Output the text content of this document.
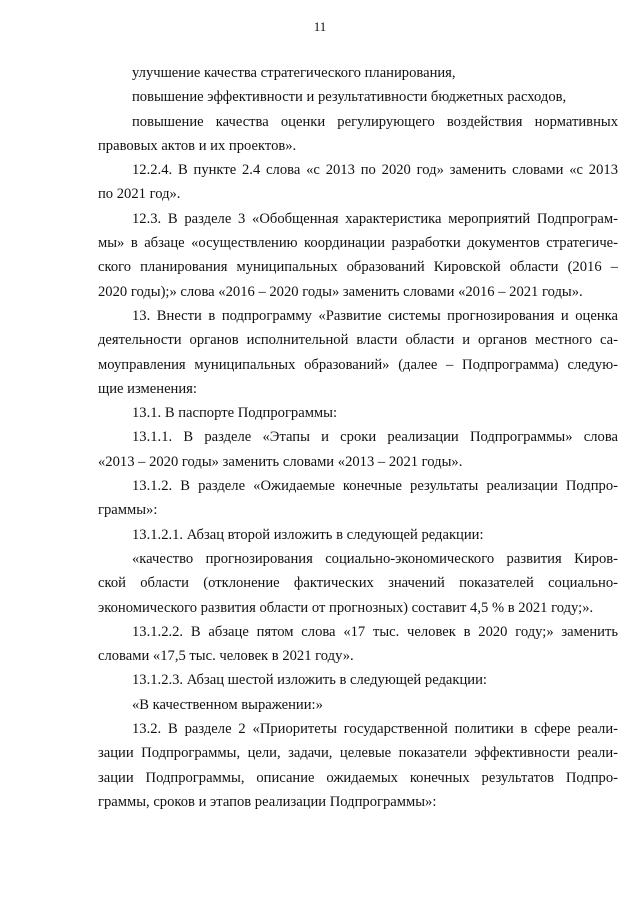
11
улучшение качества стратегического планирования,
повышение эффективности и результативности бюджетных расходов,
повышение качества оценки регулирующего воздействия нормативных
правовых актов и их проектов».
12.2.4. В пункте 2.4 слова «с 2013 по 2020 год» заменить словами «с 2013
по 2021 год».
12.3. В разделе 3 «Обобщенная характеристика мероприятий Подпрограм-
мы» в абзаце «осуществлению координации разработки документов стратегиче-
ского планирования муниципальных образований Кировской области (2016 –
2020 годы);» слова «2016 – 2020 годы» заменить словами «2016 – 2021 годы».
13. Внести в подпрограмму «Развитие системы прогнозирования и оценка
деятельности органов исполнительной власти области и органов местного са-
моуправления муниципальных образований» (далее – Подпрограмма) следую-
щие изменения:
13.1. В паспорте Подпрограммы:
13.1.1. В разделе «Этапы и сроки реализации Подпрограммы» слова
«2013 – 2020 годы» заменить словами «2013 – 2021 годы».
13.1.2. В разделе «Ожидаемые конечные результаты реализации Подпро-
граммы»:
13.1.2.1. Абзац второй изложить в следующей редакции:
«качество прогнозирования социально-экономического развития Киров-
ской области (отклонение фактических значений показателей социально-
экономического развития области от прогнозных) составит 4,5 % в 2021 году;».
13.1.2.2. В абзаце пятом слова «17 тыс. человек в 2020 году;» заменить
словами «17,5 тыс. человек в 2021 году».
13.1.2.3. Абзац шестой изложить в следующей редакции:
«В качественном выражении:»
13.2. В разделе 2 «Приоритеты государственной политики в сфере реали-
зации Подпрограммы, цели, задачи, целевые показатели эффективности реали-
зации Подпрограммы, описание ожидаемых конечных результатов Подпро-
граммы, сроков и этапов реализации Подпрограммы»:
